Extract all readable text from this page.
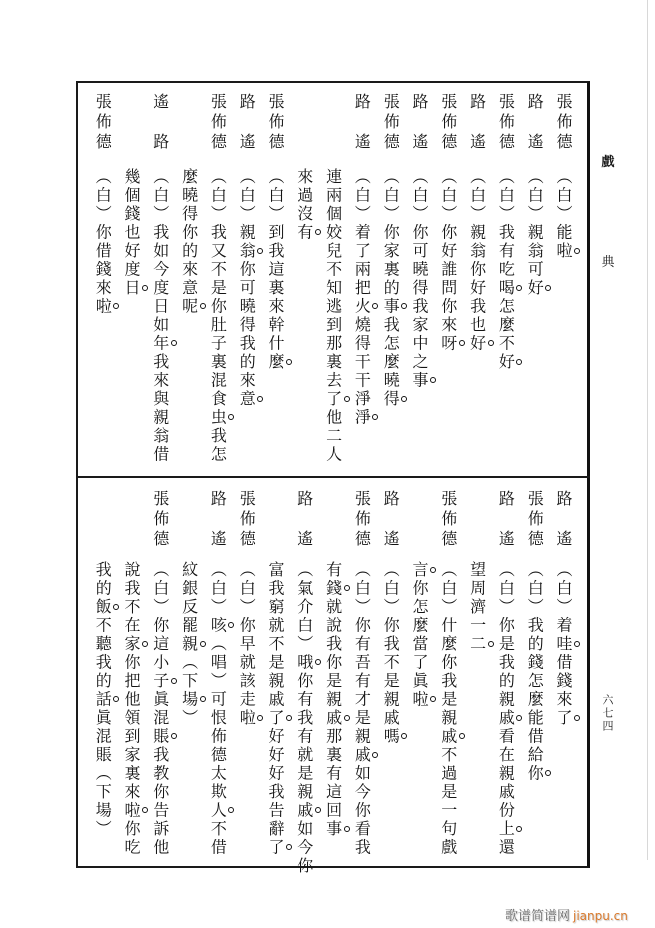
戲
典
六七四
張佈德
（白）能啦
路遙
（白）親翁可好
張佈德
（白）我有吃喝怎麼不好
路遙
（白）親翁你好我也好
張佈德
（白）你好誰問你來呀
路遙
（白）你可曉得我家中之事
張佈德
（白）你家裏的事我怎麼曉得
路遙
（白）着了兩把火燒得干干淨淨
連兩個姣兒不知逃到那裏去了他二人
來過沒有
張佈德
（白）到我這裏來幹什麼
路遙
（白）親翁你可曉得我的來意
張佈德
（白）我又不是你肚子裏混食虫我怎
麼曉得你的來意呢
遙路
（白）我如今度日如年我來與親翁借
幾個錢也好度日
張佈德
（白）你借錢來啦
路遙
（白）着哇借錢來了
張佈德
（白）我的錢怎麼能借給你
路遙
（白）你是我的親戚看在親戚份上還
望周濟一二
張佈德
（白）什麼你我是親戚不過是一句戲
言你怎麼當了眞啦
路遙
（白）你我不是親戚嗎
張佈德
（白）你有吾有才是親戚如今你看我
有錢就說我你是親戚那裏有這回事
路遙
（氣介白）哦你有我有就是親戚如今你
富我窮就不是親戚了好好好我告辭了
張佈德
（白）你早就該走啦
路遙
（白）咳（唱）可恨佈德太欺人不借
紋銀反罷親（下場）
張佈德
（白）你這小子眞混賬我教你告訴他
說我不在家你把他領到家裏來啦你吃
我的飯不聽我的話眞混賬（下場）
歌谱简谱网 jianpu.cn
